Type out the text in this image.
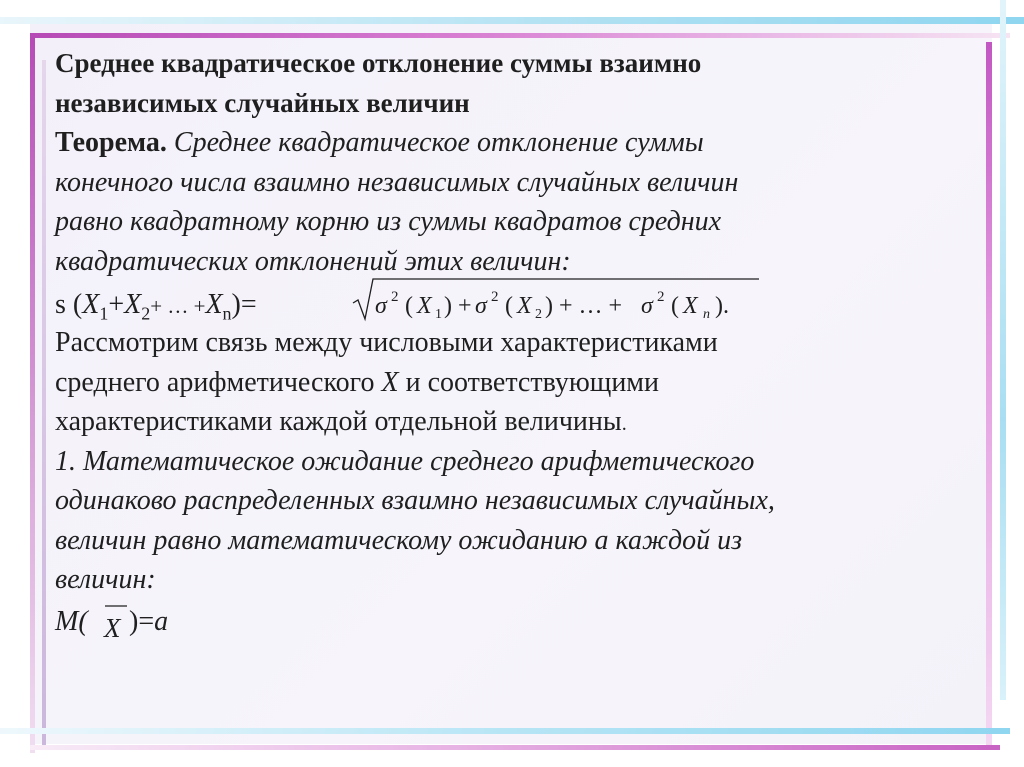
Среднее квадратическое отклонение суммы взаимно
независимых случайных величин
Теорема. Среднее квадратическое отклонение суммы
конечного числа взаимно независимых случайных величин
равно квадратному корню из суммы квадратов средних
квадратических отклонений этих величин:
s ($X_1+X_2+$ … $+X_n)=$	σ 2 ( X 1 ) + σ 2 ( X 2 ) + … + σ 2 ( X n ).
Рассмотрим связь между числовыми характеристиками
среднего арифметического X и соответствующими
характеристиками каждой отдельной величины.
1. Математическое ожидание среднего арифметического
одинаково распределенных взаимно независимых случайных,
величин равно математическому ожиданию а каждой из
величин:
M( X )=a
